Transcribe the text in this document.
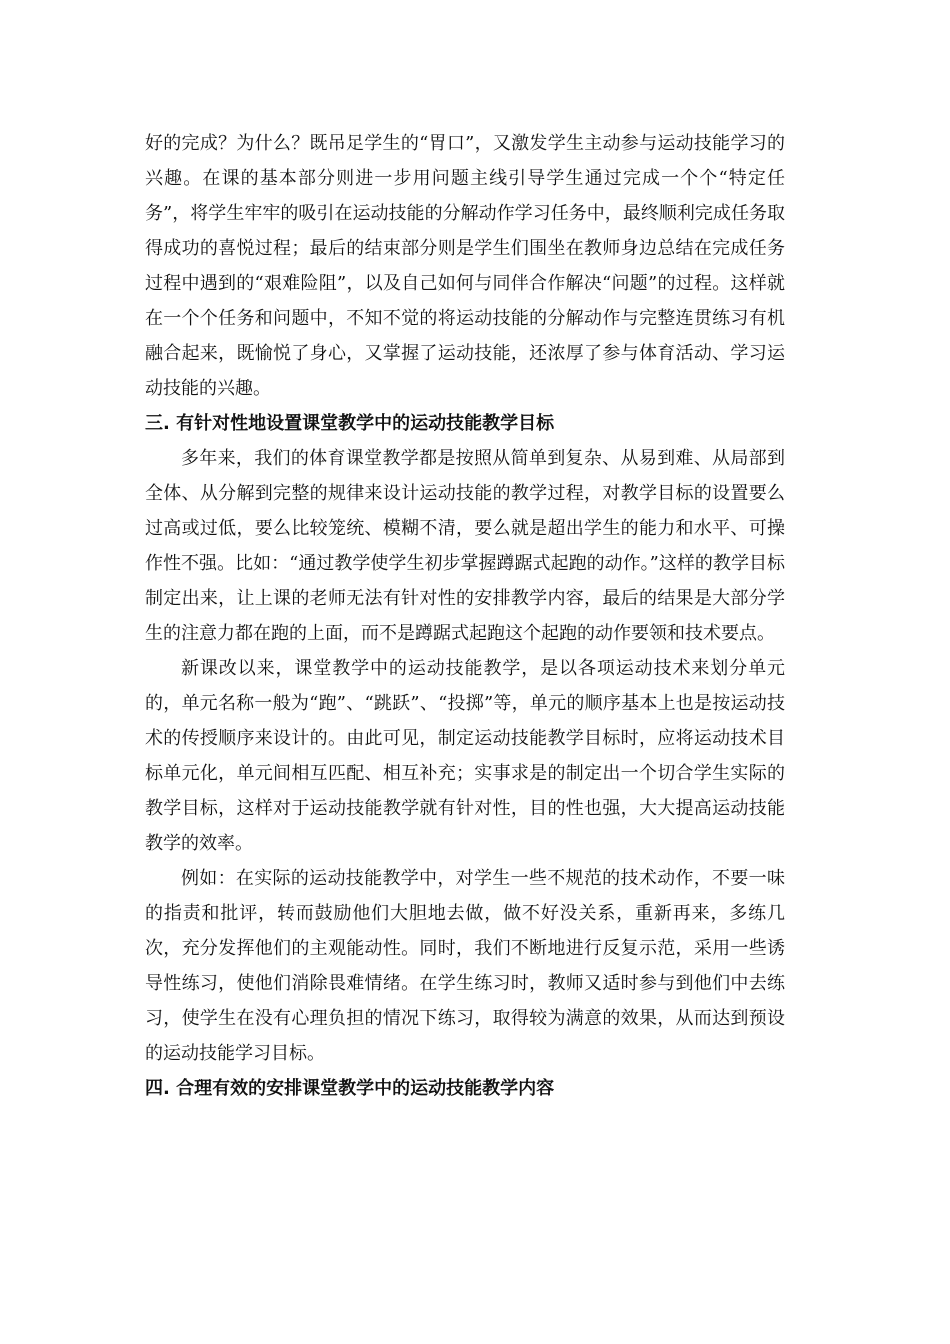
好的完成？为什么？既吊足学生的“胃口”，又激发学生主动参与运动技能学习的兴趣。在课的基本部分则进一步用问题主线引导学生通过完成一个个“特定任务”，将学生牢牢的吸引在运动技能的分解动作学习任务中，最终顺利完成任务取得成功的喜悦过程；最后的结束部分则是学生们围坐在教师身边总结在完成任务过程中遇到的“艰难险阻”，以及自己如何与同伴合作解决“问题”的过程。这样就在一个个任务和问题中，不知不觉的将运动技能的分解动作与完整连贯练习有机融合起来，既愉悦了身心，又掌握了运动技能，还浓厚了参与体育活动、学习运动技能的兴趣。

三. 有针对性地设置课堂教学中的运动技能教学目标

多年来，我们的体育课堂教学都是按照从简单到复杂、从易到难、从局部到全体、从分解到完整的规律来设计运动技能的教学过程，对教学目标的设置要么过高或过低，要么比较笼统、模糊不清，要么就是超出学生的能力和水平、可操作性不强。比如：“通过教学使学生初步掌握蹲踞式起跑的动作。”这样的教学目标制定出来，让上课的老师无法有针对性的安排教学内容，最后的结果是大部分学生的注意力都在跑的上面，而不是蹲踞式起跑这个起跑的动作要领和技术要点。

新课改以来，课堂教学中的运动技能教学，是以各项运动技术来划分单元的，单元名称一般为“跑”、“跳跃”、“投掷”等，单元的顺序基本上也是按运动技术的传授顺序来设计的。由此可见，制定运动技能教学目标时，应将运动技术目标单元化，单元间相互匹配、相互补充；实事求是的制定出一个切合学生实际的教学目标，这样对于运动技能教学就有针对性，目的性也强，大大提高运动技能教学的效率。

例如：在实际的运动技能教学中，对学生一些不规范的技术动作，不要一味的指责和批评，转而鼓励他们大胆地去做，做不好没关系，重新再来，多练几次，充分发挥他们的主观能动性。同时，我们不断地进行反复示范，采用一些诱导性练习，使他们消除畏难情绪。在学生练习时，教师又适时参与到他们中去练习，使学生在没有心理负担的情况下练习，取得较为满意的效果，从而达到预设的运动技能学习目标。

四. 合理有效的安排课堂教学中的运动技能教学内容
